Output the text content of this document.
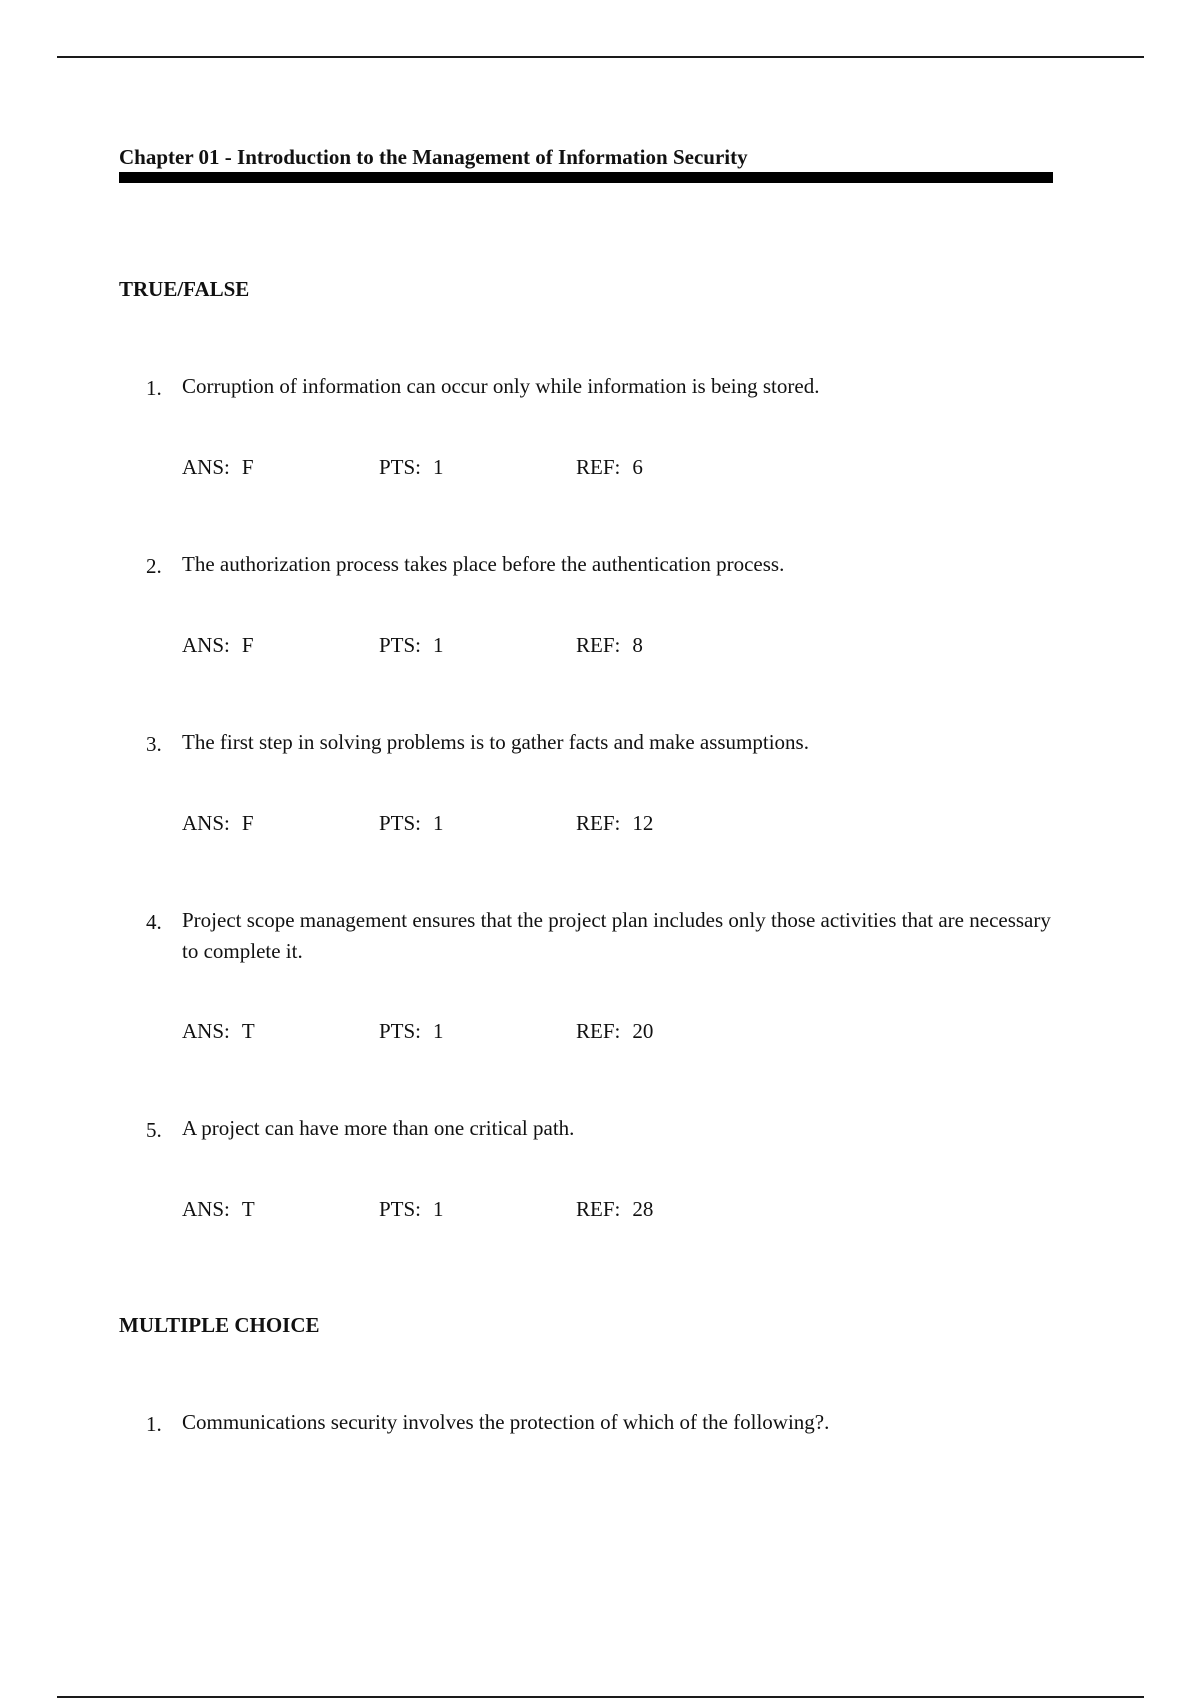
Chapter 01 - Introduction to the Management of Information Security
TRUE/FALSE
1. Corruption of information can occur only while information is being stored.
ANS: F	PTS: 1	REF: 6
2. The authorization process takes place before the authentication process.
ANS: F	PTS: 1	REF: 8
3. The first step in solving problems is to gather facts and make assumptions.
ANS: F	PTS: 1	REF: 12
4. Project scope management ensures that the project plan includes only those activities that are necessary to complete it.
ANS: T	PTS: 1	REF: 20
5. A project can have more than one critical path.
ANS: T	PTS: 1	REF: 28
MULTIPLE CHOICE
1. Communications security involves the protection of which of the following?.
